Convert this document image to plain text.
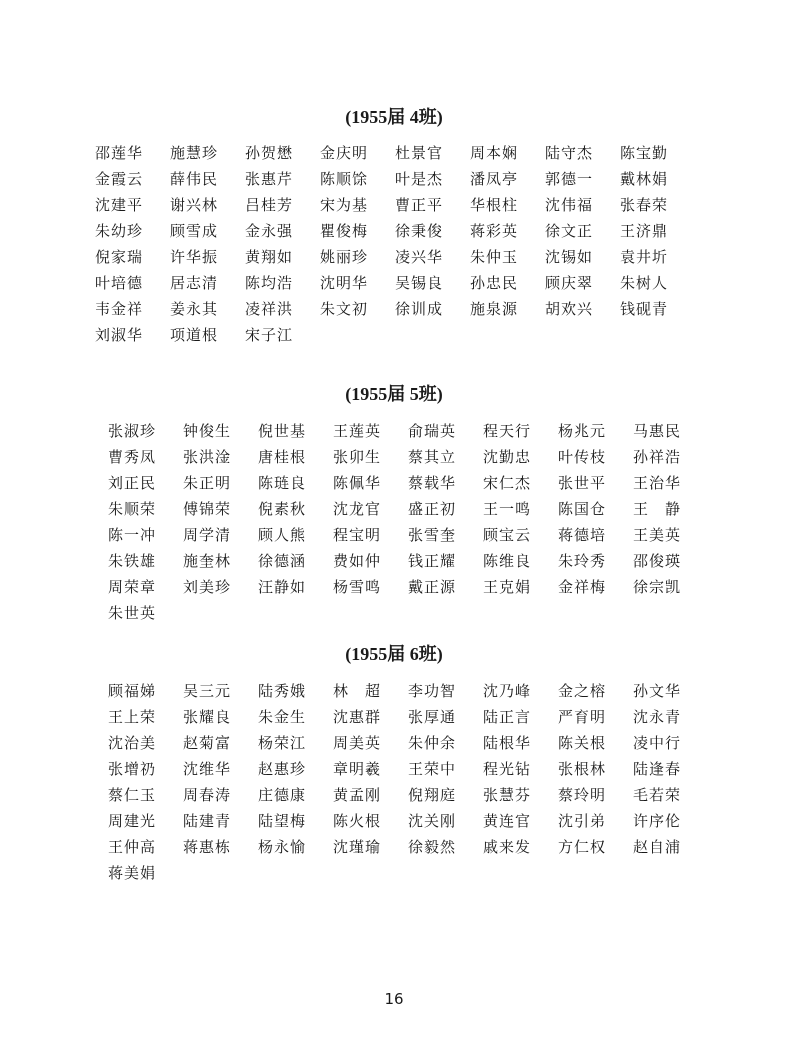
(1955届 4班)
邵莲华	施慧珍	孙贺懋	金庆明	杜景官	周本娴	陆守杰	陈宝勤
金霞云	薛伟民	张惠芹	陈顺馀	叶是杰	潘凤亭	郭德一	戴林娟
沈建平	谢兴林	吕桂芳	宋为基	曹正平	华根柱	沈伟福	张春荣
朱幼珍	顾雪成	金永强	瞿俊梅	徐秉俊	蒋彩英	徐文正	王济鼎
倪家瑞	许华振	黄翔如	姚丽珍	凌兴华	朱仲玉	沈锡如	袁井圻
叶培德	居志清	陈均浩	沈明华	吴锡良	孙忠民	顾庆翠	朱树人
韦金祥	姜永其	凌祥洪	朱文初	徐训成	施泉源	胡欢兴	钱砚青
刘淑华	项道根	宋子江
(1955届 5班)
张淑珍	钟俊生	倪世基	王莲英	俞瑞英	程天行	杨兆元	马惠民
曹秀凤	张洪淦	唐桂根	张卯生	蔡其立	沈勤忠	叶传枝	孙祥浩
刘正民	朱正明	陈琏良	陈佩华	蔡载华	宋仁杰	张世平	王治华
朱顺荣	傅锦荣	倪素秋	沈龙官	盛正初	王一鸣	陈国仓	王　静
陈一冲	周学清	顾人熊	程宝明	张雪奎	顾宝云	蒋德培	王美英
朱铁雄	施奎林	徐德涵	费如仲	钱正耀	陈维良	朱玲秀	邵俊瑛
周荣章	刘美珍	汪静如	杨雪鸣	戴正源	王克娟	金祥梅	徐宗凯
朱世英
(1955届 6班)
顾福娣	吴三元	陆秀娥	林　超	李功智	沈乃峰	金之榕	孙文华
王上荣	张耀良	朱金生	沈惠群	张厚通	陆正言	严育明	沈永青
沈治美	赵菊富	杨荣江	周美英	朱仲余	陆根华	陈关根	凌中行
张增礽	沈维华	赵惠珍	章明羲	王荣中	程光钻	张根林	陆逢春
蔡仁玉	周春涛	庄德康	黄孟刚	倪翔庭	张慧芬	蔡玲明	毛若荣
周建光	陆建青	陆望梅	陈火根	沈关刚	黄连官	沈引弟	许序伦
王仲高	蒋惠栋	杨永愉	沈瑾瑜	徐毅然	戚来发	方仁权	赵自浦
蒋美娟

16
